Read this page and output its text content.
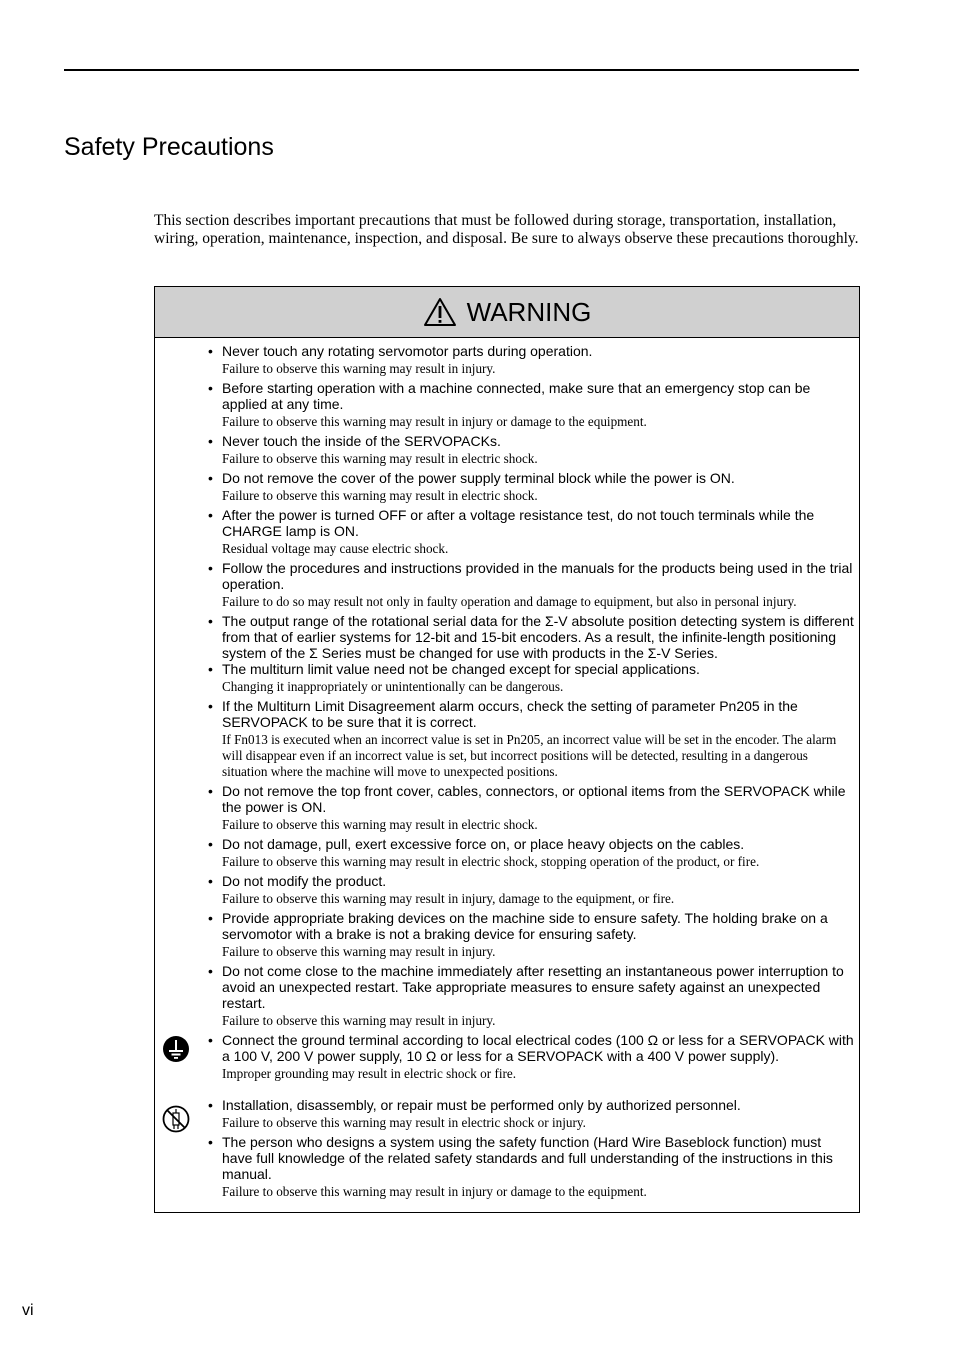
Safety Precautions

This section describes important precautions that must be followed during storage, transportation, installation, wiring, operation, maintenance, inspection, and disposal. Be sure to always observe these precautions thoroughly.

WARNING
• Never touch any rotating servomotor parts during operation.
Failure to observe this warning may result in injury.
• Before starting operation with a machine connected, make sure that an emergency stop can be applied at any time.
Failure to observe this warning may result in injury or damage to the equipment.
• Never touch the inside of the SERVOPACKs.
Failure to observe this warning may result in electric shock.
• Do not remove the cover of the power supply terminal block while the power is ON.
Failure to observe this warning may result in electric shock.
• After the power is turned OFF or after a voltage resistance test, do not touch terminals while the CHARGE lamp is ON.
Residual voltage may cause electric shock.
• Follow the procedures and instructions provided in the manuals for the products being used in the trial operation.
Failure to do so may result not only in faulty operation and damage to equipment, but also in personal injury.
• The output range of the rotational serial data for the Σ-V absolute position detecting system is different from that of earlier systems for 12-bit and 15-bit encoders. As a result, the infinite-length positioning system of the Σ Series must be changed for use with products in the Σ-V Series.
• The multiturn limit value need not be changed except for special applications.
Changing it inappropriately or unintentionally can be dangerous.
• If the Multiturn Limit Disagreement alarm occurs, check the setting of parameter Pn205 in the SERVOPACK to be sure that it is correct.
If Fn013 is executed when an incorrect value is set in Pn205, an incorrect value will be set in the encoder. The alarm will disappear even if an incorrect value is set, but incorrect positions will be detected, resulting in a dangerous situation where the machine will move to unexpected positions.
• Do not remove the top front cover, cables, connectors, or optional items from the SERVOPACK while the power is ON.
Failure to observe this warning may result in electric shock.
• Do not damage, pull, exert excessive force on, or place heavy objects on the cables.
Failure to observe this warning may result in electric shock, stopping operation of the product, or fire.
• Do not modify the product.
Failure to observe this warning may result in injury, damage to the equipment, or fire.
• Provide appropriate braking devices on the machine side to ensure safety. The holding brake on a servomotor with a brake is not a braking device for ensuring safety.
Failure to observe this warning may result in injury.
• Do not come close to the machine immediately after resetting an instantaneous power interruption to avoid an unexpected restart. Take appropriate measures to ensure safety against an unexpected restart.
Failure to observe this warning may result in injury.
• Connect the ground terminal according to local electrical codes (100 Ω or less for a SERVOPACK with a 100 V, 200 V power supply, 10 Ω or less for a SERVOPACK with a 400 V power supply).
Improper grounding may result in electric shock or fire.
• Installation, disassembly, or repair must be performed only by authorized personnel.
Failure to observe this warning may result in electric shock or injury.
• The person who designs a system using the safety function (Hard Wire Baseblock function) must have full knowledge of the related safety standards and full understanding of the instructions in this manual.
Failure to observe this warning may result in injury or damage to the equipment.
vi
